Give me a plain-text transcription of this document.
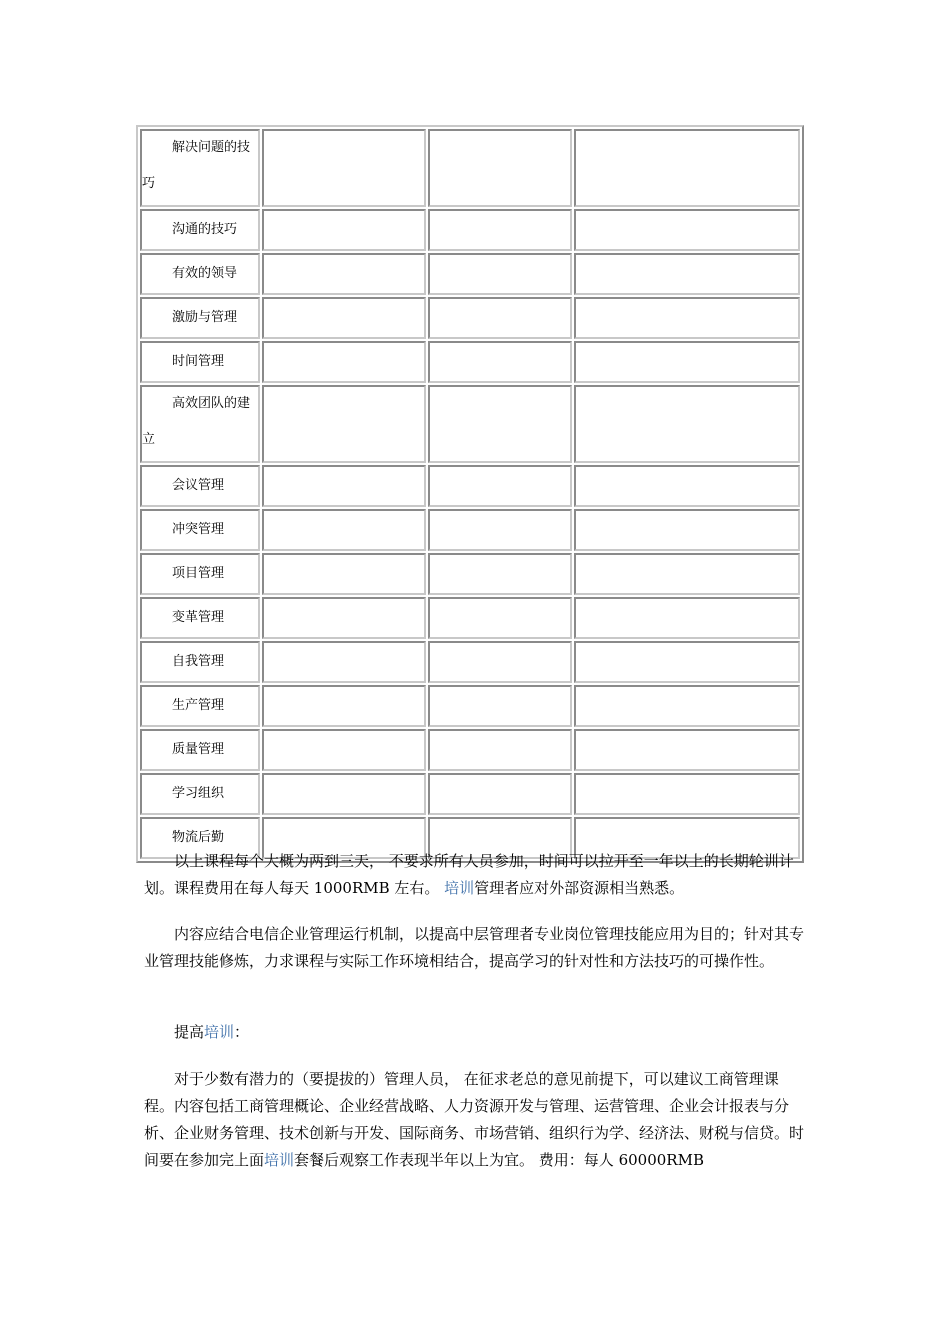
解决问题的技巧			

沟通的技巧			

有效的领导			

激励与管理			

时间管理			

高效团队的建立			

会议管理			

冲突管理			

项目管理			

变革管理			

自我管理			

生产管理			

质量管理			

学习组织			

物流后勤			

以上课程每个大概为两到三天， 不要求所有人员参加，时间可以拉开至一年以上的长期轮训计划。课程费用在每人每天 1000RMB 左右。 培训管理者应对外部资源相当熟悉。

内容应结合电信企业管理运行机制，以提高中层管理者专业岗位管理技能应用为目的；针对其专业管理技能修炼，力求课程与实际工作环境相结合，提高学习的针对性和方法技巧的可操作性。

提高培训：

对于少数有潜力的（要提拔的）管理人员， 在征求老总的意见前提下，可以建议工商管理课程。内容包括工商管理概论、企业经营战略、人力资源开发与管理、运营管理、企业会计报表与分析、企业财务管理、技术创新与开发、国际商务、市场营销、组织行为学、经济法、财税与信贷。时间要在参加完上面培训套餐后观察工作表现半年以上为宜。 费用：每人 60000RMB
